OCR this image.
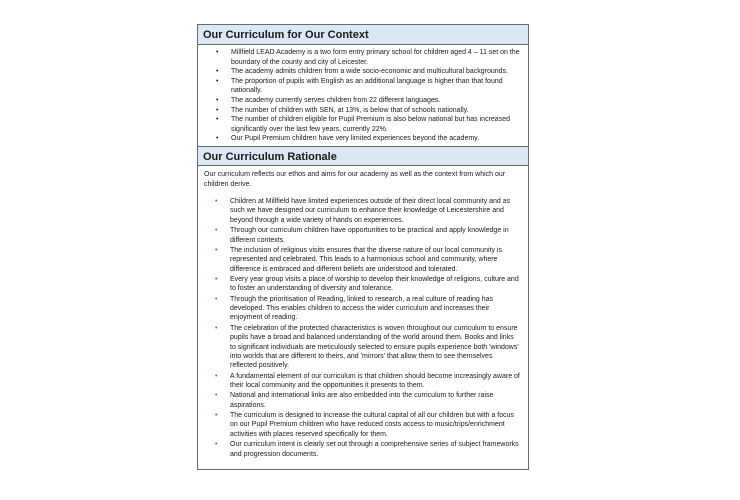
Our Curriculum for Our Context
• Millfield LEAD Academy is a two form entry primary school for children aged 4 – 11 set on the boundary of the county and city of Leicester.
• The academy admits children from a wide socio-economic and multicultural backgrounds.
• The proportion of pupils with English as an additional language is higher than that found nationally.
• The academy currently serves children from 22 different languages.
• The number of children with SEN, at 13%, is below that of schools nationally.
• The number of children eligible for Pupil Premium is also below national but has increased significantly over the last few years, currently 22%.
• Our Pupil Premium children have very limited experiences beyond the academy.
Our Curriculum Rationale
Our curriculum reflects our ethos and aims for our academy as well as the context from which our children derive.
• Children at Millfield have limited experiences outside of their direct local community and as such we have designed our curriculum to enhance their knowledge of Leicestershire and beyond through a wide variety of hands on experiences.
• Through our curriculum children have opportunities to be practical and apply knowledge in different contexts.
• The inclusion of religious visits ensures that the diverse nature of our local community is represented and celebrated. This leads to a harmonious school and community, where difference is embraced and different beliefs are understood and tolerated.
• Every year group visits a place of worship to develop their knowledge of religions, culture and to foster an understanding of diversity and tolerance.
• Through the prioritisation of Reading, linked to research, a real culture of reading has developed. This enables children to access the wider curriculum and increases their enjoyment of reading.
• The celebration of the protected characteristics is woven throughout our curriculum to ensure pupils have a broad and balanced understanding of the world around them. Books and links to significant individuals are meticulously selected to ensure pupils experience both 'windows' into worlds that are different to theirs, and 'mirrors' that allow them to see themselves reflected positively.
• A fundamental element of our curriculum is that children should become increasingly aware of their local community and the opportunities it presents to them.
• National and international links are also embedded into the curriculum to further raise aspirations.
• The curriculum is designed to increase the cultural capital of all our children but with a focus on our Pupil Premium children who have reduced costs access to music/trips/enrichment activities with places reserved specifically for them.
• Our curriculum intent is clearly set out through a comprehensive series of subject frameworks and progression documents.
